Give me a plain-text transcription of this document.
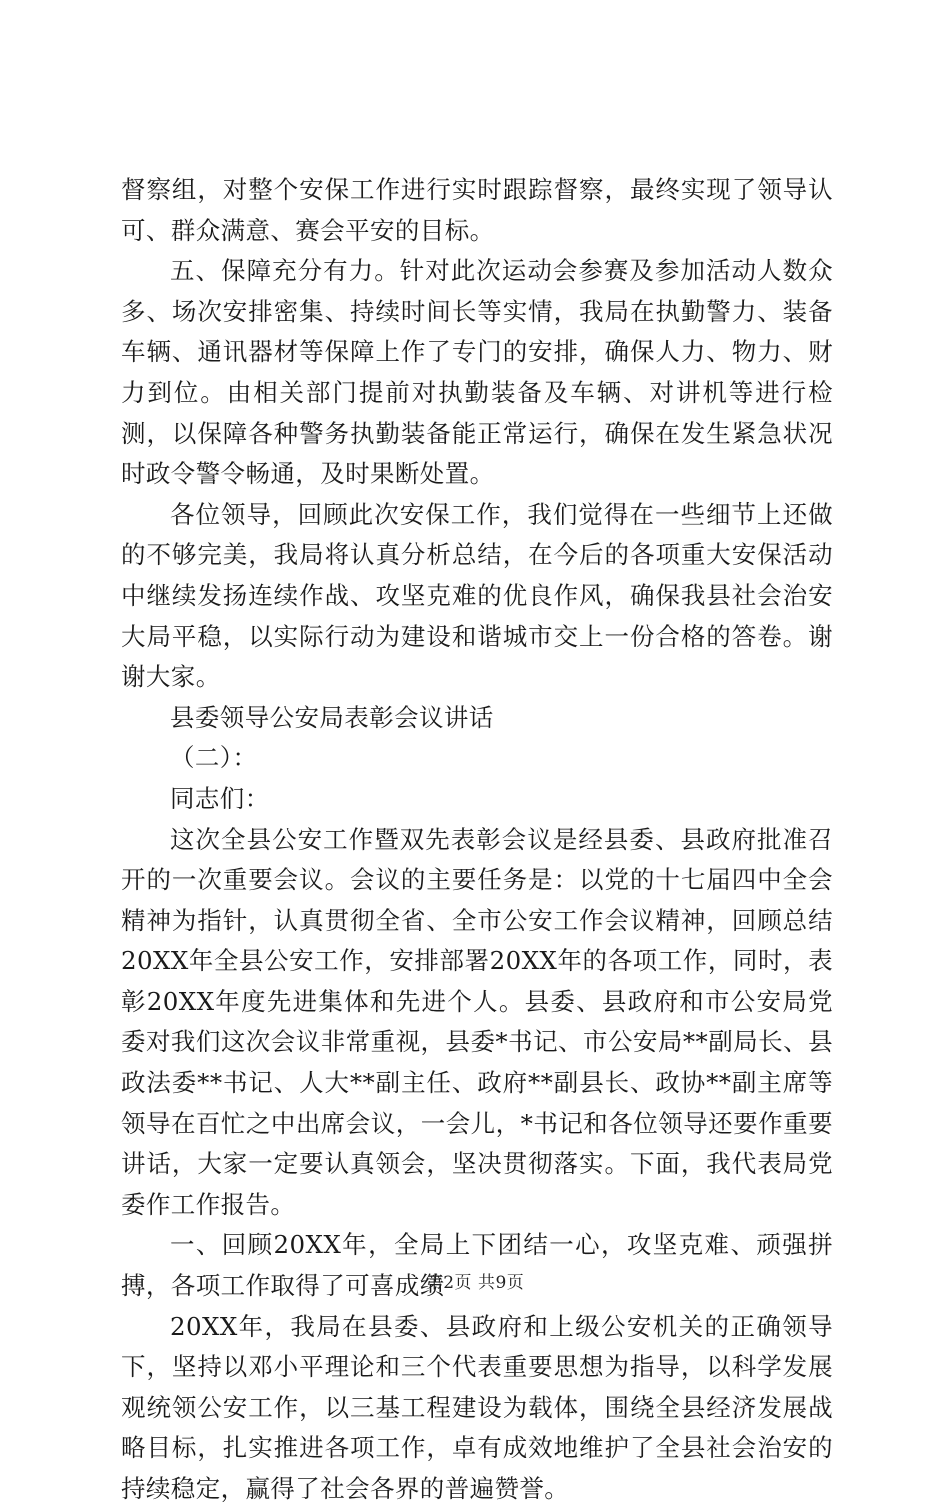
督察组，对整个安保工作进行实时跟踪督察，最终实现了领导认可、群众满意、赛会平安的目标。

五、保障充分有力。针对此次运动会参赛及参加活动人数众多、场次安排密集、持续时间长等实情，我局在执勤警力、装备车辆、通讯器材等保障上作了专门的安排，确保人力、物力、财力到位。由相关部门提前对执勤装备及车辆、对讲机等进行检测，以保障各种警务执勤装备能正常运行，确保在发生紧急状况时政令警令畅通，及时果断处置。

各位领导，回顾此次安保工作，我们觉得在一些细节上还做的不够完美，我局将认真分析总结，在今后的各项重大安保活动中继续发扬连续作战、攻坚克难的优良作风，确保我县社会治安大局平稳，以实际行动为建设和谐城市交上一份合格的答卷。谢谢大家。

县委领导公安局表彰会议讲话

（二）：

同志们：

这次全县公安工作暨双先表彰会议是经县委、县政府批准召开的一次重要会议。会议的主要任务是：以党的十七届四中全会精神为指针，认真贯彻全省、全市公安工作会议精神，回顾总结20XX年全县公安工作，安排部署20XX年的各项工作，同时，表彰20XX年度先进集体和先进个人。县委、县政府和市公安局党委对我们这次会议非常重视，县委*书记、市公安局**副局长、县政法委**书记、人大**副主任、政府**副县长、政协**副主席等领导在百忙之中出席会议，一会儿，*书记和各位领导还要作重要讲话，大家一定要认真领会，坚决贯彻落实。下面，我代表局党委作工作报告。

一、回顾20XX年，全局上下团结一心，攻坚克难、顽强拼搏，各项工作取得了可喜成绩

20XX年，我局在县委、县政府和上级公安机关的正确领导下，坚持以邓小平理论和三个代表重要思想为指导，以科学发展观统领公安工作，以三基工程建设为载体，围绕全县经济发展战略目标，扎实推进各项工作，卓有成效地维护了全县社会治安的持续稳定，赢得了社会各界的普遍赞誉。

第2页 共9页
